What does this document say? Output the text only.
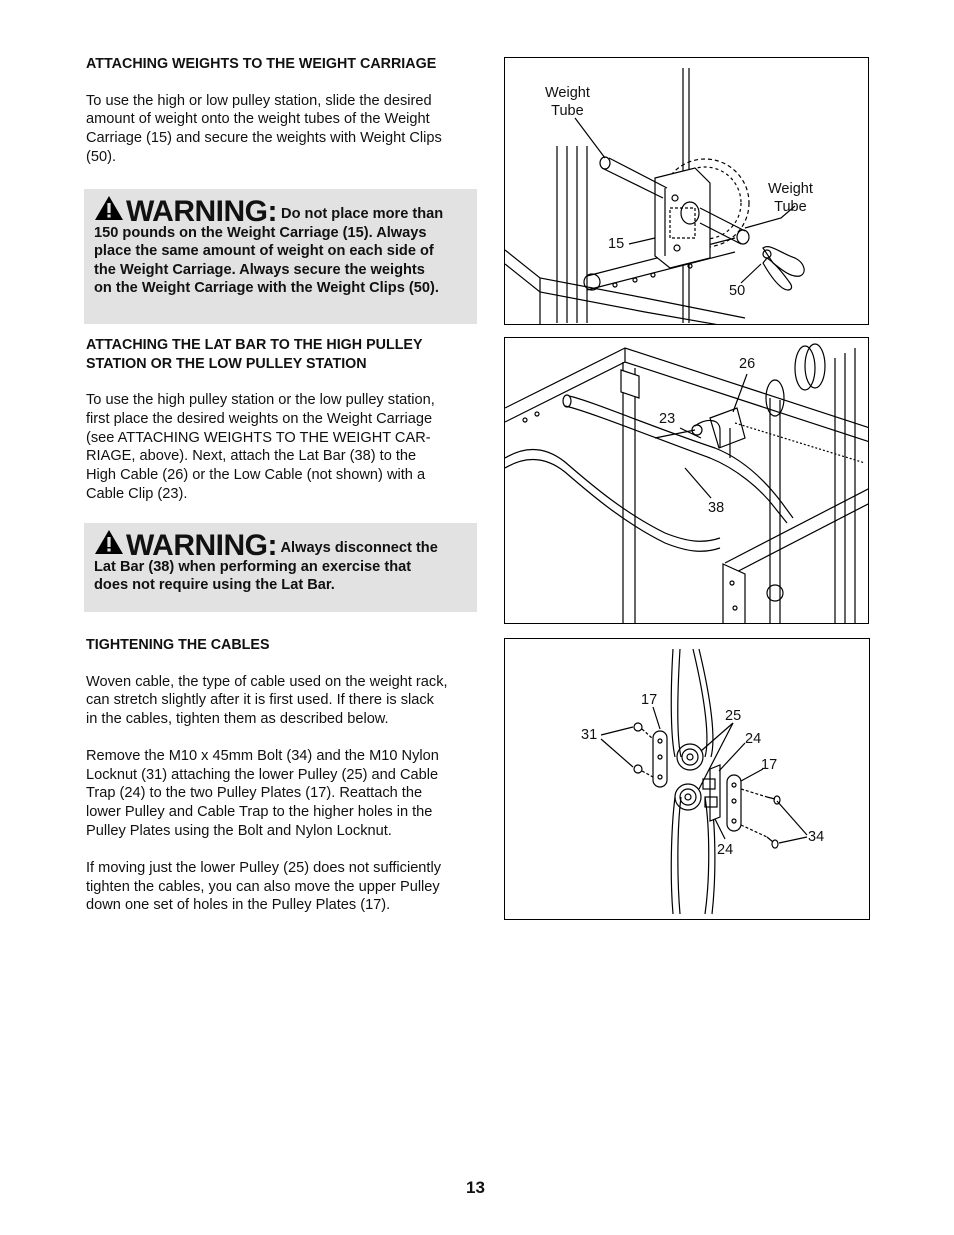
ATTACHING WEIGHTS TO THE WEIGHT CARRIAGE

To use the high or low pulley station, slide the desired
amount of weight onto the weight tubes of the Weight
Carriage (15) and secure the weights with Weight Clips
(50).

WARNING: Do not place more than
150 pounds on the Weight Carriage (15). Always
place the same amount of weight on each side of
the Weight Carriage. Always secure the weights
on the Weight Carriage with the Weight Clips (50).

ATTACHING THE LAT BAR TO THE HIGH PULLEY
STATION OR THE LOW PULLEY STATION

To use the high pulley station or the low pulley station,
first place the desired weights on the Weight Carriage
(see ATTACHING WEIGHTS TO THE WEIGHT CAR-
RIAGE, above). Next, attach the Lat Bar (38) to the
High Cable (26) or the Low Cable (not shown) with a
Cable Clip (23).

WARNING: Always disconnect the
Lat Bar (38) when performing an exercise that
does not require using the Lat Bar.

TIGHTENING THE CABLES

Woven cable, the type of cable used on the weight rack,
can stretch slightly after it is first used. If there is slack
in the cables, tighten them as described below.

Remove the M10 x 45mm Bolt (34) and the M10 Nylon
Locknut (31) attaching the lower Pulley (25) and Cable
Trap (24) to the two Pulley Plates (17). Reattach the
lower Pulley and Cable Trap to the higher holes in the
Pulley Plates using the Bolt and Nylon Locknut.

If moving just the lower Pulley (25) does not sufficiently
tighten the cables, you can also move the upper Pulley
down one set of holes in the Pulley Plates (17).

Weight
Tube
Weight
Tube
15
50
26
23
38
17
31
25
24
17
34
24
13
